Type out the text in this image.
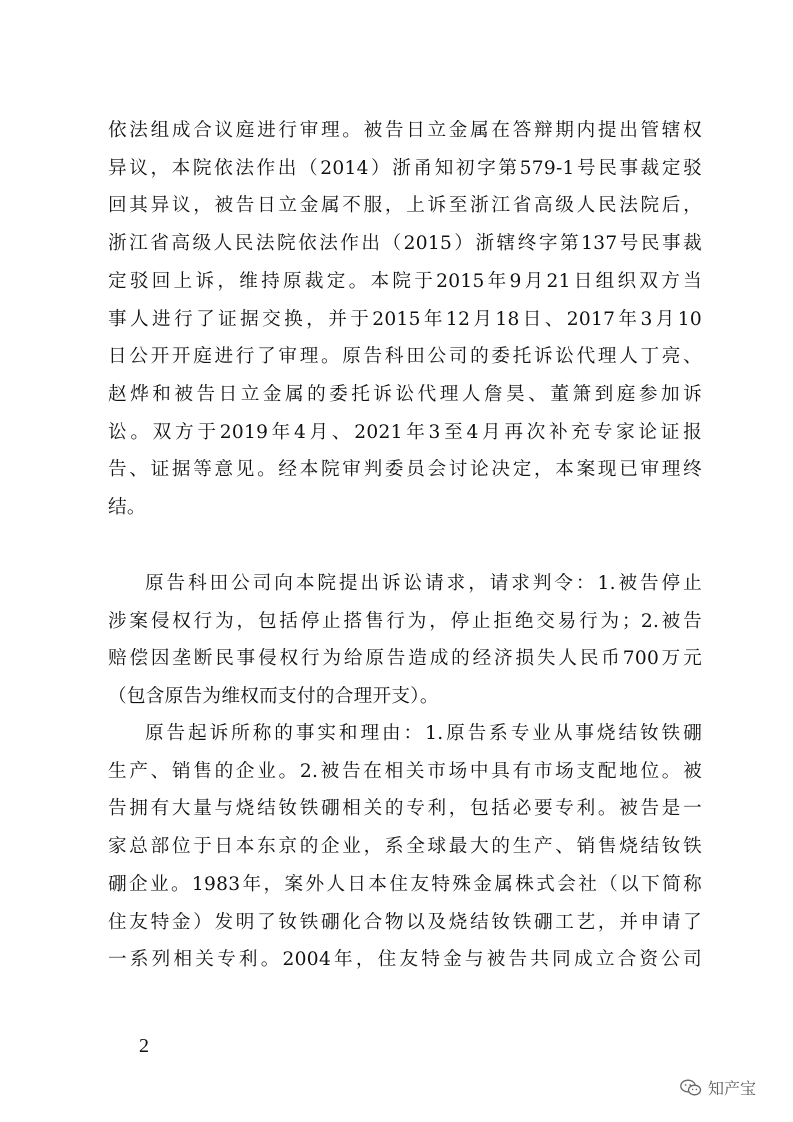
依法组成合议庭进行审理。被告日立金属在答辩期内提出管辖权
异议，本院依法作出（2014）浙甬知初字第579-1号民事裁定驳
回其异议，被告日立金属不服，上诉至浙江省高级人民法院后，
浙江省高级人民法院依法作出（2015）浙辖终字第137号民事裁
定驳回上诉，维持原裁定。本院于2015年9月21日组织双方当
事人进行了证据交换，并于2015年12月18日、2017年3月10
日公开开庭进行了审理。原告科田公司的委托诉讼代理人丁亮、
赵烨和被告日立金属的委托诉讼代理人詹昊、董箫到庭参加诉
讼。双方于2019年4月、2021年3至4月再次补充专家论证报
告、证据等意见。经本院审判委员会讨论决定，本案现已审理终
结。
原告科田公司向本院提出诉讼请求，请求判令：1.被告停止
涉案侵权行为，包括停止搭售行为，停止拒绝交易行为；2.被告
赔偿因垄断民事侵权行为给原告造成的经济损失人民币700万元
（包含原告为维权而支付的合理开支）。
原告起诉所称的事实和理由：1.原告系专业从事烧结钕铁硼
生产、销售的企业。2.被告在相关市场中具有市场支配地位。被
告拥有大量与烧结钕铁硼相关的专利，包括必要专利。被告是一
家总部位于日本东京的企业，系全球最大的生产、销售烧结钕铁
硼企业。1983年，案外人日本住友特殊金属株式会社（以下简称
住友特金）发明了钕铁硼化合物以及烧结钕铁硼工艺，并申请了
一系列相关专利。2004年，住友特金与被告共同成立合资公司
2
知产宝
